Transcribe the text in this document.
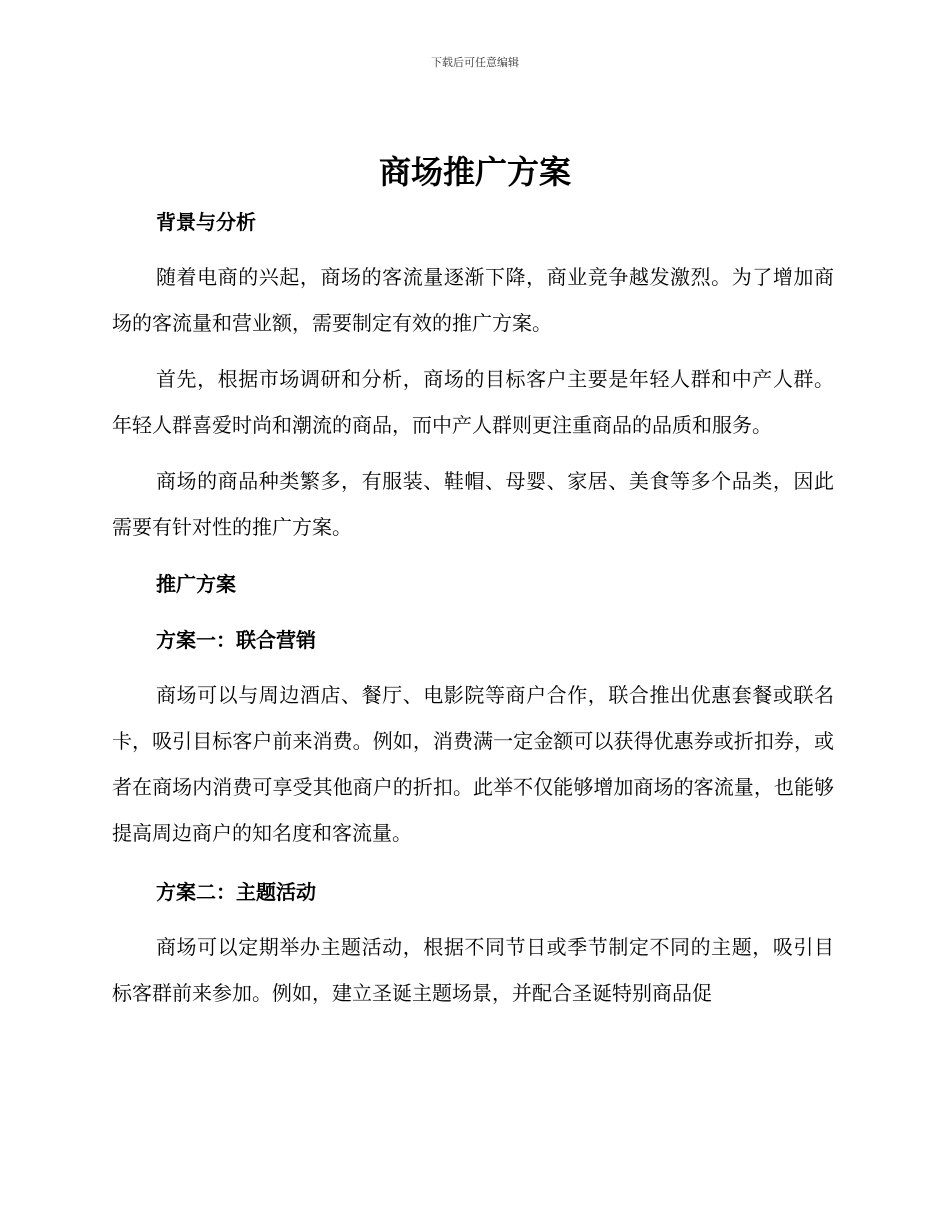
下载后可任意编辑
商场推广方案

背景与分析

随着电商的兴起，商场的客流量逐渐下降，商业竞争越发激烈。为了增加商场的客流量和营业额，需要制定有效的推广方案。

首先，根据市场调研和分析，商场的目标客户主要是年轻人群和中产人群。年轻人群喜爱时尚和潮流的商品，而中产人群则更注重商品的品质和服务。

商场的商品种类繁多，有服装、鞋帽、母婴、家居、美食等多个品类，因此需要有针对性的推广方案。

推广方案

方案一：联合营销

商场可以与周边酒店、餐厅、电影院等商户合作，联合推出优惠套餐或联名卡，吸引目标客户前来消费。例如，消费满一定金额可以获得优惠券或折扣券，或者在商场内消费可享受其他商户的折扣。此举不仅能够增加商场的客流量，也能够提高周边商户的知名度和客流量。

方案二：主题活动

商场可以定期举办主题活动，根据不同节日或季节制定不同的主题，吸引目标客群前来参加。例如，建立圣诞主题场景，并配合圣诞特别商品促
